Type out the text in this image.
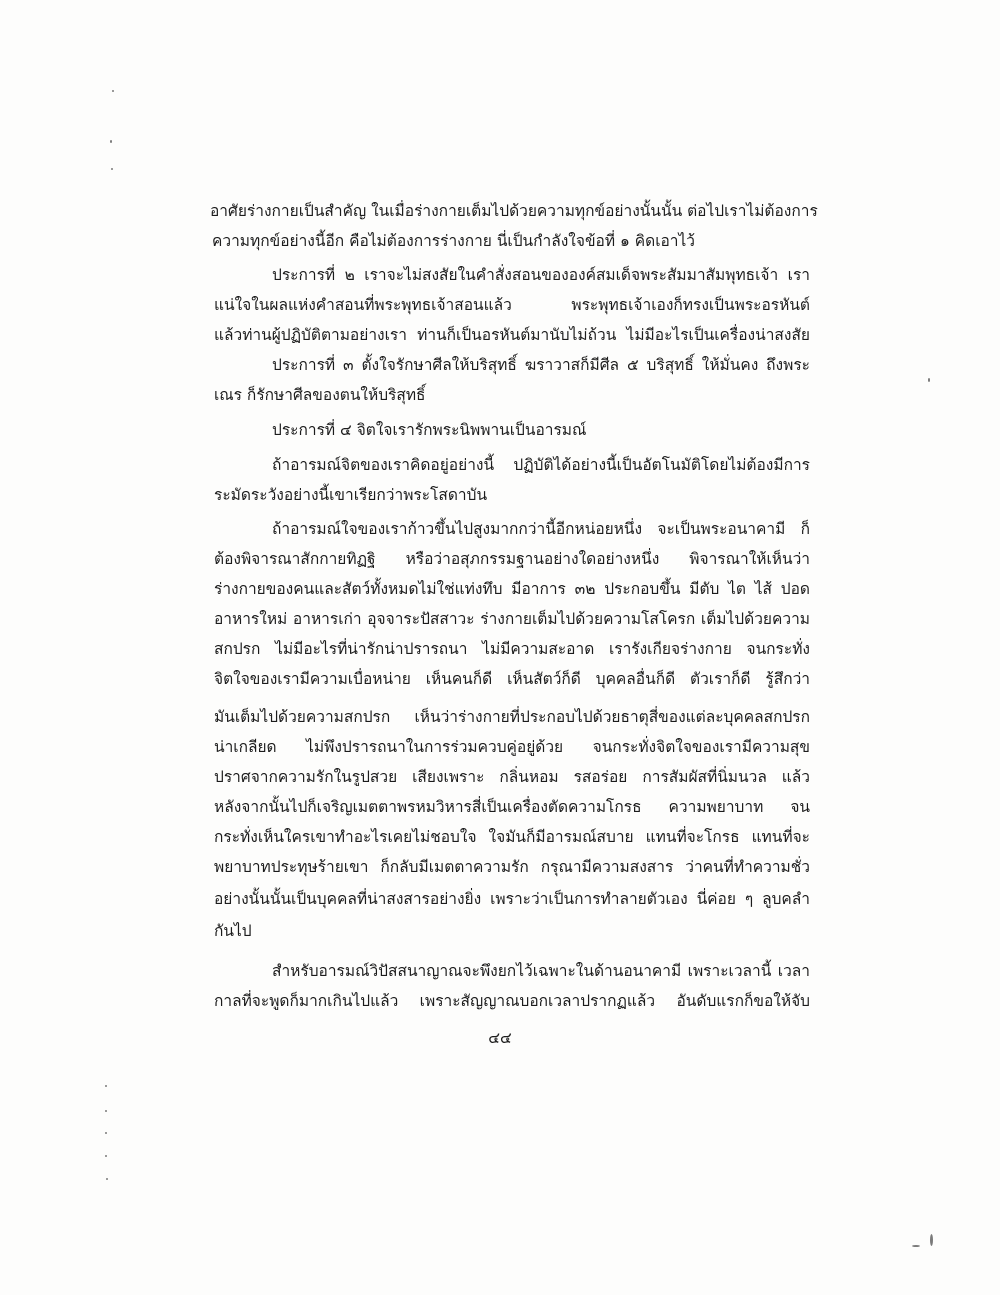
อาศัยร่างกายเป็นสำคัญ ในเมื่อร่างกายเต็มไปด้วยความทุกข์อย่างนั้นนั้น ต่อไปเราไม่ต้องการ
ความทุกข์อย่างนี้อีก คือไม่ต้องการร่างกาย นี่เป็นกำลังใจข้อที่ ๑ คิดเอาไว้
ประการที่ ๒ เราจะไม่สงสัยในคำสั่งสอนขององค์สมเด็จพระสัมมาสัมพุทธเจ้า เรา
แน่ใจในผลแห่งคำสอนที่พระพุทธเจ้าสอนแล้ว พระพุทธเจ้าเองก็ทรงเป็นพระอรหันต์
แล้วท่านผู้ปฏิบัติตามอย่างเรา ท่านก็เป็นอรหันต์มานับไม่ถ้วน ไม่มีอะไรเป็นเครื่องน่าสงสัย
ประการที่ ๓ ตั้งใจรักษาศีลให้บริสุทธิ์ ฆราวาสก็มีศีล ๕ บริสุทธิ์ ให้มั่นคง ถึงพระ
เณร ก็รักษาศีลของตนให้บริสุทธิ์
ประการที่ ๔ จิตใจเรารักพระนิพพานเป็นอารมณ์
ถ้าอารมณ์จิตของเราคิดอยู่อย่างนี้ ปฏิบัติได้อย่างนี้เป็นอัตโนมัติโดยไม่ต้องมีการ
ระมัดระวังอย่างนี้เขาเรียกว่าพระโสดาบัน
ถ้าอารมณ์ใจของเราก้าวขึ้นไปสูงมากกว่านี้อีกหน่อยหนึ่ง จะเป็นพระอนาคามี ก็
ต้องพิจารณาสักกายทิฏฐิ หรือว่าอสุภกรรมฐานอย่างใดอย่างหนึ่ง พิจารณาให้เห็นว่า
ร่างกายของคนและสัตว์ทั้งหมดไม่ใช่แท่งทึบ มีอาการ ๓๒ ประกอบขึ้น มีตับ ไต ไส้ ปอด
อาหารใหม่ อาหารเก่า อุจจาระปัสสาวะ ร่างกายเต็มไปด้วยความโสโครก เต็มไปด้วยความ
สกปรก ไม่มีอะไรที่น่ารักน่าปรารถนา ไม่มีความสะอาด เรารังเกียจร่างกาย จนกระทั่ง
จิตใจของเรามีความเบื่อหน่าย เห็นคนก็ดี เห็นสัตว์ก็ดี บุคคลอื่นก็ดี ตัวเราก็ดี รู้สึกว่า
มันเต็มไปด้วยความสกปรก เห็นว่าร่างกายที่ประกอบไปด้วยธาตุสี่ของแต่ละบุคคลสกปรก
น่าเกลียด ไม่พึงปรารถนาในการร่วมควบคู่อยู่ด้วย จนกระทั่งจิตใจของเรามีความสุข
ปราศจากความรักในรูปสวย เสียงเพราะ กลิ่นหอม รสอร่อย การสัมผัสที่นิ่มนวล แล้ว
หลังจากนั้นไปก็เจริญเมตตาพรหมวิหารสี่เป็นเครื่องตัดความโกรธ ความพยาบาท จน
กระทั่งเห็นใครเขาทำอะไรเคยไม่ชอบใจ ใจมันก็มีอารมณ์สบาย แทนที่จะโกรธ แทนที่จะ
พยาบาทประทุษร้ายเขา ก็กลับมีเมตตาความรัก กรุณามีความสงสาร ว่าคนที่ทำความชั่ว
อย่างนั้นนั้นเป็นบุคคลที่น่าสงสารอย่างยิ่ง เพราะว่าเป็นการทำลายตัวเอง นี่ค่อย ๆ ลูบคลำ
กันไป
สำหรับอารมณ์วิปัสสนาญาณจะพึงยกไว้เฉพาะในด้านอนาคามี เพราะเวลานี้ เวลา
กาลที่จะพูดก็มากเกินไปแล้ว เพราะสัญญาณบอกเวลาปรากฏแล้ว อันดับแรกก็ขอให้จับ
๔๔
